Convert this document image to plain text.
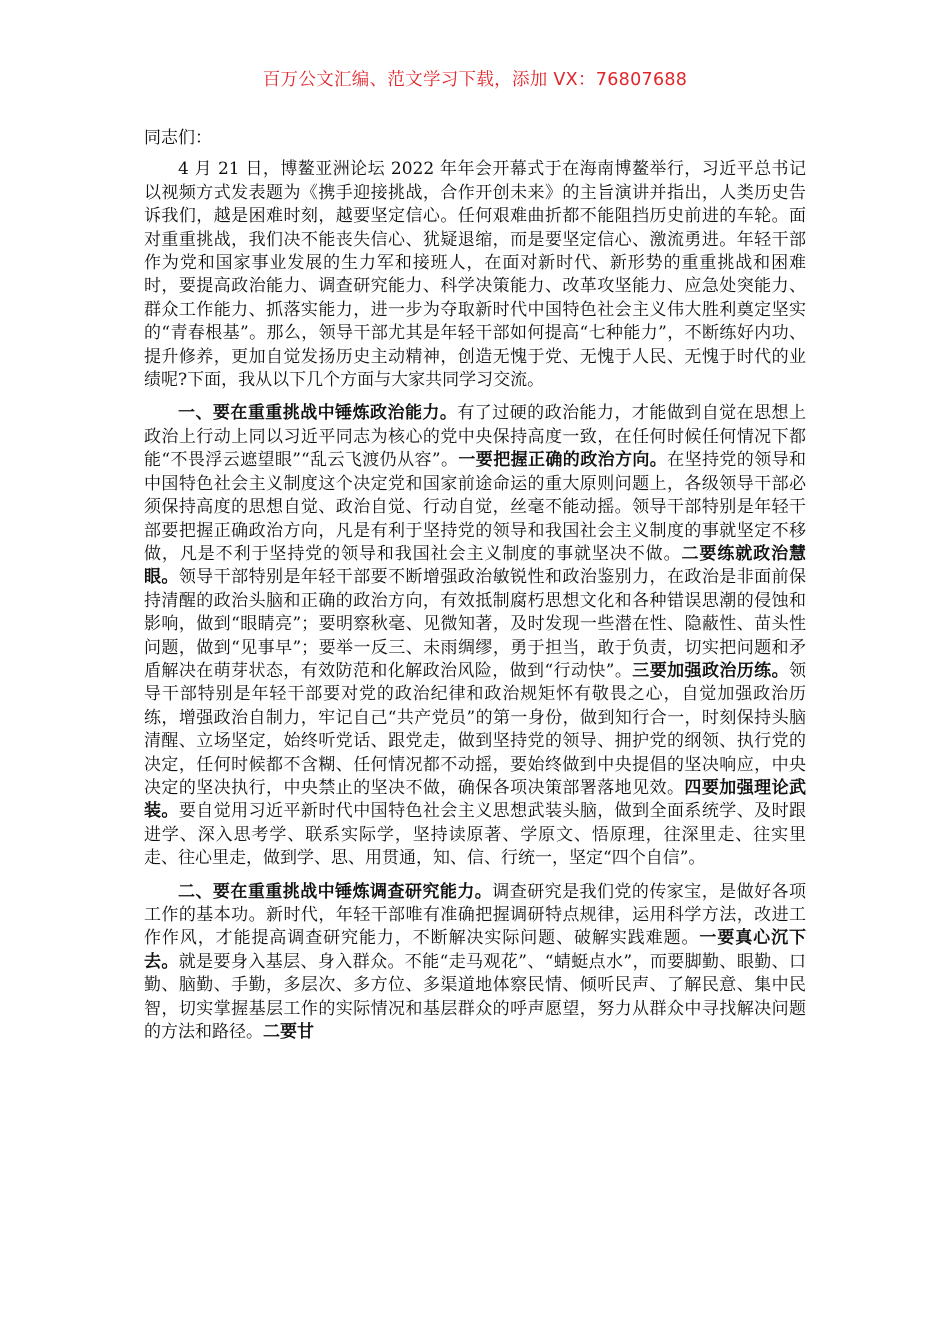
百万公文汇编、范文学习下载，添加 VX：76807688

同志们：

4 月 21 日，博鳌亚洲论坛 2022 年年会开幕式于在海南博鳌举行，习近平总书记以视频方式发表题为《携手迎接挑战，合作开创未来》的主旨演讲并指出，人类历史告诉我们，越是困难时刻，越要坚定信心。任何艰难曲折都不能阻挡历史前进的车轮。面对重重挑战，我们决不能丧失信心、犹疑退缩，而是要坚定信心、激流勇进。年轻干部作为党和国家事业发展的生力军和接班人，在面对新时代、新形势的重重挑战和困难时，要提高政治能力、调查研究能力、科学决策能力、改革攻坚能力、应急处突能力、群众工作能力、抓落实能力，进一步为夺取新时代中国特色社会主义伟大胜利奠定坚实的“青春根基”。那么，领导干部尤其是年轻干部如何提高“七种能力”，不断练好内功、提升修养，更加自觉发扬历史主动精神，创造无愧于党、无愧于人民、无愧于时代的业绩呢?下面，我从以下几个方面与大家共同学习交流。

一、要在重重挑战中锤炼政治能力。有了过硬的政治能力，才能做到自觉在思想上政治上行动上同以习近平同志为核心的党中央保持高度一致，在任何时候任何情况下都能“不畏浮云遮望眼”“乱云飞渡仍从容”。一要把握正确的政治方向。在坚持党的领导和中国特色社会主义制度这个决定党和国家前途命运的重大原则问题上，各级领导干部必须保持高度的思想自觉、政治自觉、行动自觉，丝毫不能动摇。领导干部特别是年轻干部要把握正确政治方向，凡是有利于坚持党的领导和我国社会主义制度的事就坚定不移做，凡是不利于坚持党的领导和我国社会主义制度的事就坚决不做。二要练就政治慧眼。领导干部特别是年轻干部要不断增强政治敏锐性和政治鉴别力，在政治是非面前保持清醒的政治头脑和正确的政治方向，有效抵制腐朽思想文化和各种错误思潮的侵蚀和影响，做到“眼睛亮”；要明察秋毫、见微知著，及时发现一些潜在性、隐蔽性、苗头性问题，做到“见事早”；要举一反三、未雨绸缪，勇于担当，敢于负责，切实把问题和矛盾解决在萌芽状态，有效防范和化解政治风险，做到“行动快”。三要加强政治历练。领导干部特别是年轻干部要对党的政治纪律和政治规矩怀有敬畏之心，自觉加强政治历练，增强政治自制力，牢记自己“共产党员”的第一身份，做到知行合一，时刻保持头脑清醒、立场坚定，始终听党话、跟党走，做到坚持党的领导、拥护党的纲领、执行党的决定，任何时候都不含糊、任何情况都不动摇，要始终做到中央提倡的坚决响应，中央决定的坚决执行，中央禁止的坚决不做，确保各项决策部署落地见效。四要加强理论武装。要自觉用习近平新时代中国特色社会主义思想武装头脑，做到全面系统学、及时跟进学、深入思考学、联系实际学，坚持读原著、学原文、悟原理，往深里走、往实里走、往心里走，做到学、思、用贯通，知、信、行统一，坚定“四个自信”。

二、要在重重挑战中锤炼调查研究能力。调查研究是我们党的传家宝，是做好各项工作的基本功。新时代，年轻干部唯有准确把握调研特点规律，运用科学方法，改进工作作风，才能提高调查研究能力，不断解决实际问题、破解实践难题。一要真心沉下去。就是要身入基层、身入群众。不能“走马观花”、“蜻蜓点水”，而要脚勤、眼勤、口勤、脑勤、手勤，多层次、多方位、多渠道地体察民情、倾听民声、了解民意、集中民智，切实掌握基层工作的实际情况和基层群众的呼声愿望，努力从群众中寻找解决问题的方法和路径。二要甘
